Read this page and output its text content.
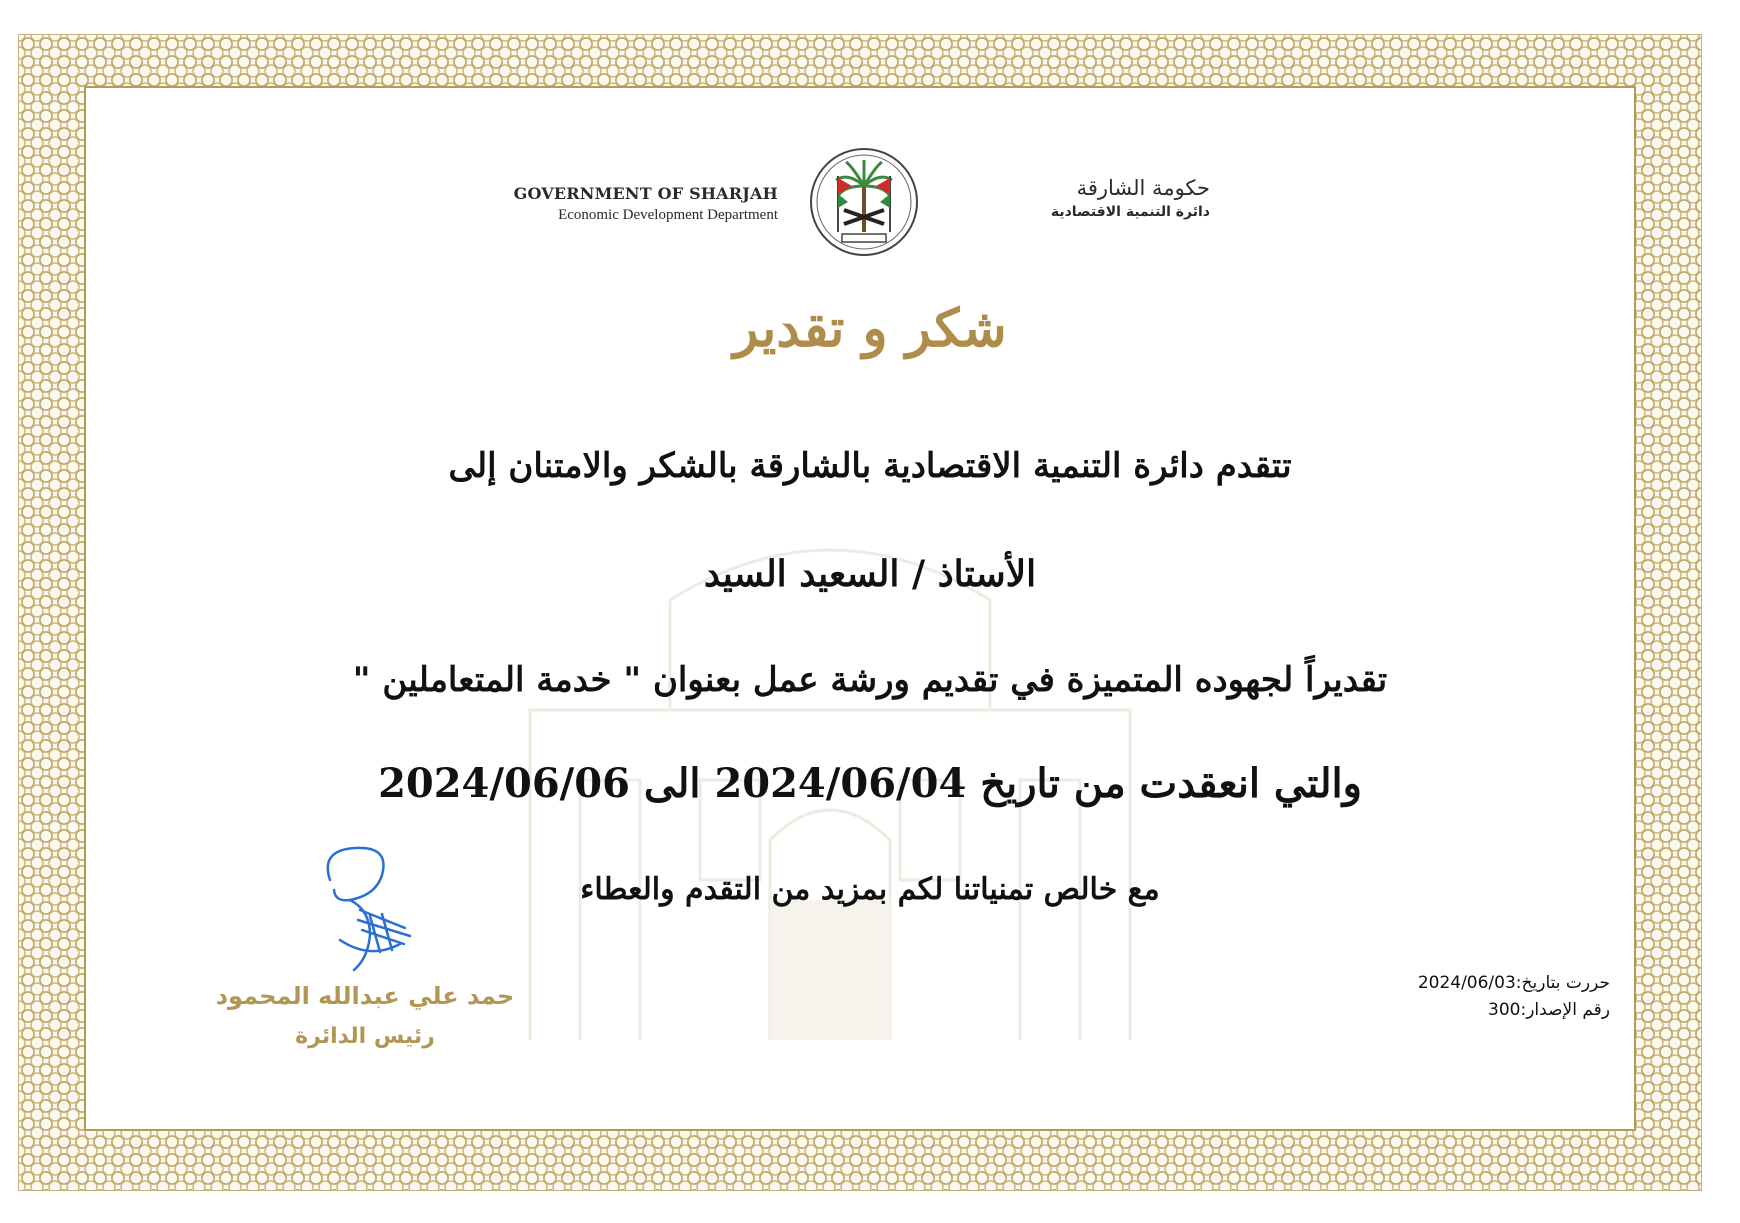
GOVERNMENT OF SHARJAH
Economic Development Department
حكومة الشارقة
دائرة التنمية الاقتصادية
شكر و تقدير
تتقدم دائرة التنمية الاقتصادية بالشارقة بالشكر والامتنان إلى
الأستاذ / السعيد السيد
تقديراً لجهوده المتميزة في تقديم ورشة عمل بعنوان " خدمة المتعاملين "
والتي انعقدت من تاريخ 2024/06/04 الى 2024/06/06
مع خالص تمنياتنا لكم بمزيد من التقدم والعطاء
حررت بتاريخ:2024/06/03
رقم الإصدار:300
حمد علي عبدالله المحمود
رئيس الدائرة
